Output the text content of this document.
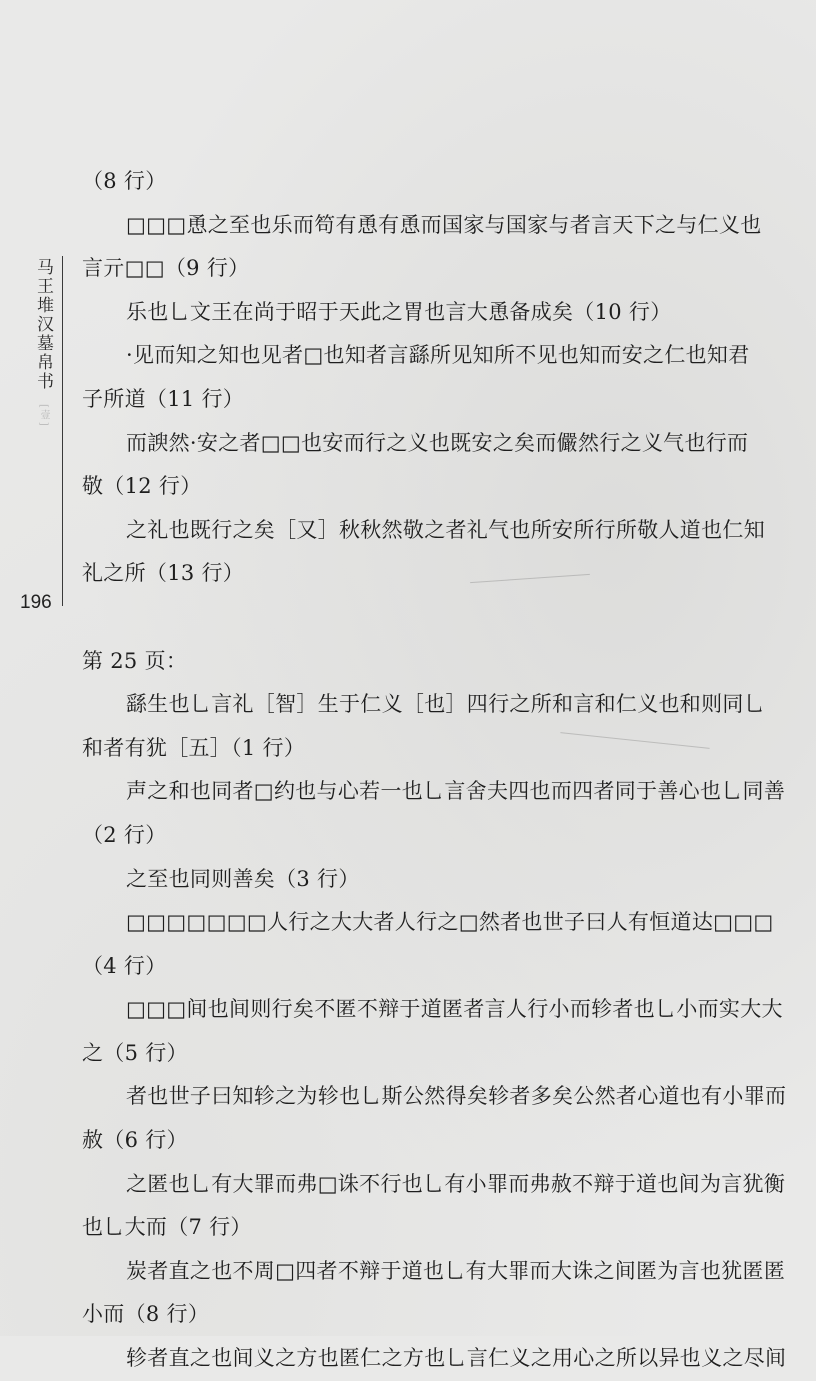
马王堆汉墓帛书 [壹]
196
（8 行）
□□□恿之至也乐而笱有恿有恿而国家与国家与者言天下之与仁义也
言亓□□（9 行）
乐也乚文王在尚于昭于天此之胃也言大恿备成矣（10 行）
·见而知之知也见者□也知者言繇所见知所不见也知而安之仁也知君
子所道（11 行）
而諛然·安之者□□也安而行之义也既安之矣而儼然行之义气也行而
敬（12 行）
之礼也既行之矣［又］秋秋然敬之者礼气也所安所行所敬人道也仁知
礼之所（13 行）
第 25 页：
繇生也乚言礼［智］生于仁义［也］四行之所和言和仁义也和则同乚
和者有犹［五］（1 行）
声之和也同者□约也与心若一也乚言舍夫四也而四者同于善心也乚同善
（2 行）
之至也同则善矣（3 行）
□□□□□□□人行之大大者人行之□然者也世子曰人有恒道达□□□
（4 行）
□□□间也间则行矣不匿不辩于道匿者言人行小而轸者也乚小而实大大
之（5 行）
者也世子曰知轸之为轸也乚斯公然得矣轸者多矣公然者心道也有小罪而
赦（6 行）
之匿也乚有大罪而弗□诛不行也乚有小罪而弗赦不辩于道也间为言犹衡
也乚大而（7 行）
炭者直之也不周□四者不辩于道也乚有大罪而大诛之间匿为言也犹匿匿
小而（8 行）
轸者直之也间义之方也匿仁之方也乚言仁义之用心之所以异也义之尽间
